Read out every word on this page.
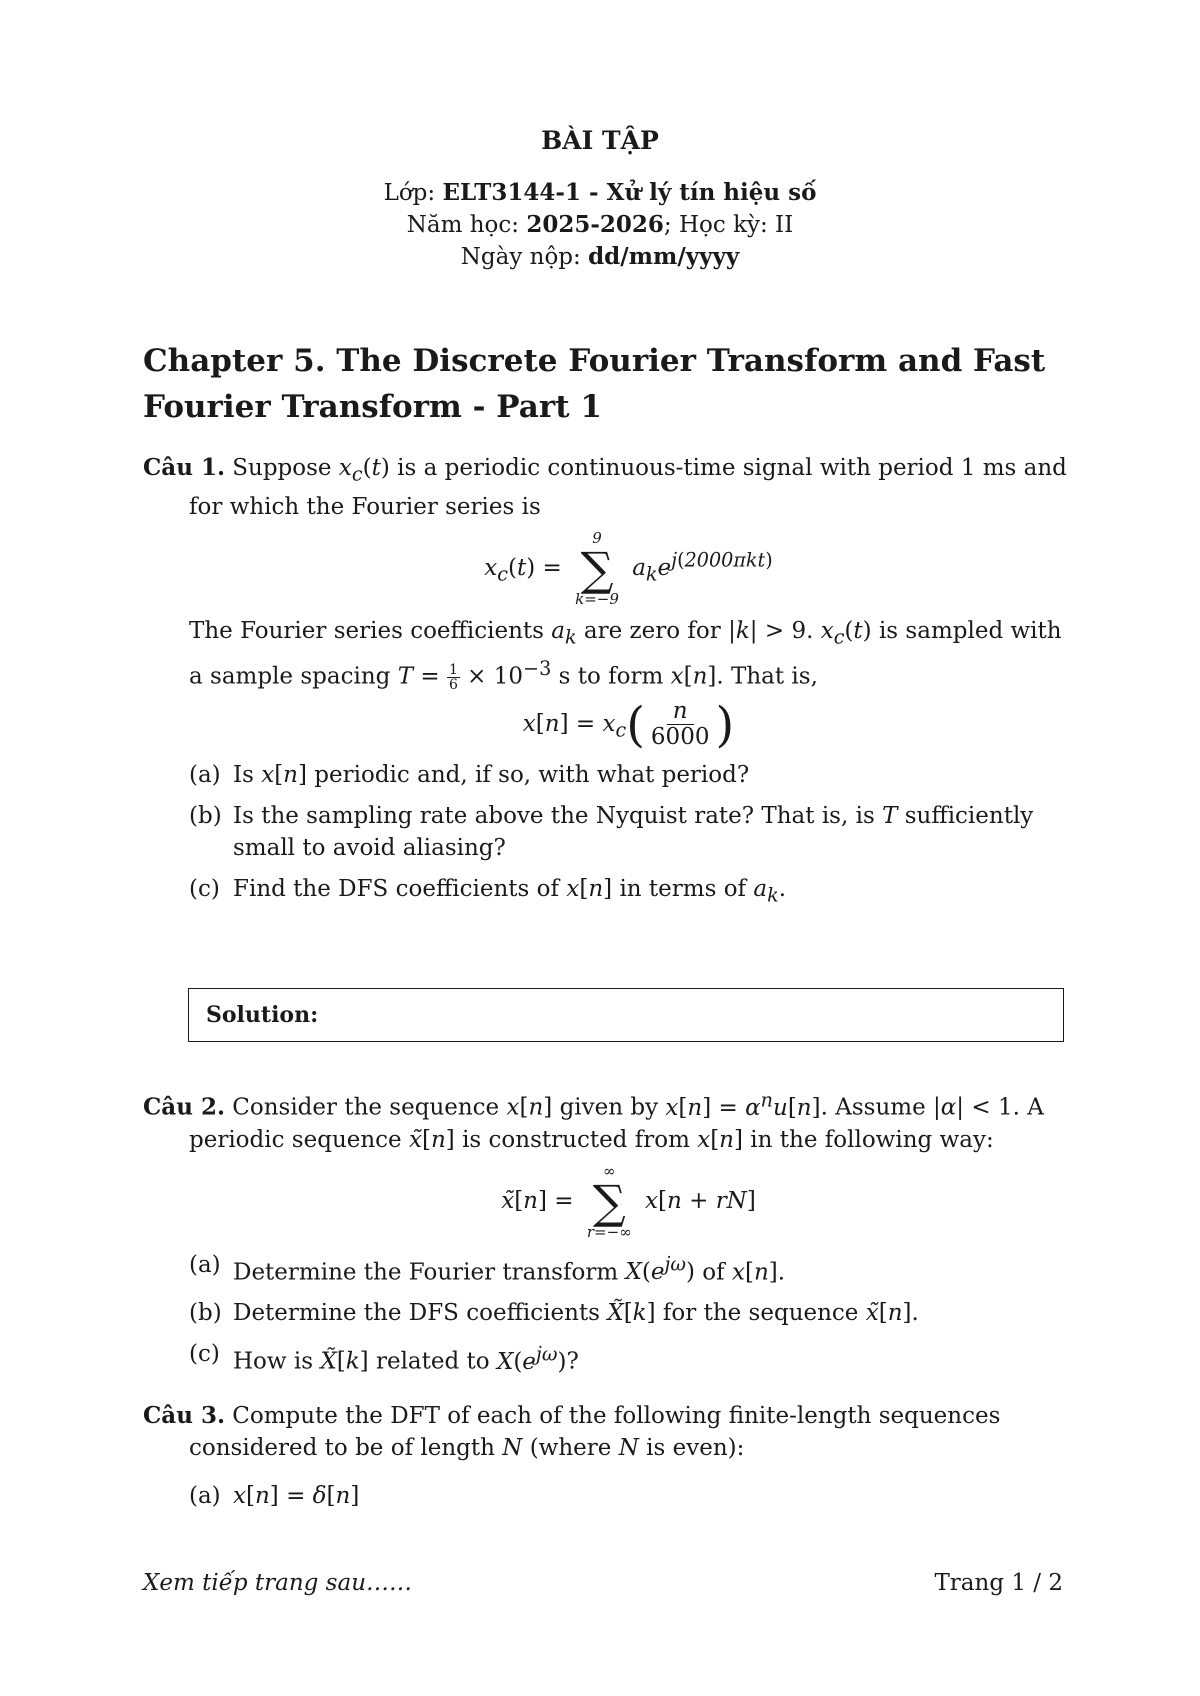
BÀI TẬP
Lớp: ELT3144-1 - Xử lý tín hiệu số
Năm học: 2025-2026; Học kỳ: II
Ngày nộp: dd/mm/yyyy
Chapter 5. The Discrete Fourier Transform and Fast Fourier Transform - Part 1
Câu 1. Suppose $x_c(t)$ is a periodic continuous-time signal with period 1 ms and for which the Fourier series is
$x_c(t)$ =
9
∑
k=−9
$a_ke^{j(2000\pi kt)}$
The Fourier series coefficients $a_k$ are zero for |k| > 9. $x_c(t)$ is sampled with a sample spacing $T = \frac{1}{6} \times 10^{-3}$ s to form x[n]. That is,
$x[n] = x_c( \frac{n}{6000}$ )
(a) Is x[n] periodic and, if so, with what period?
(b) Is the sampling rate above the Nyquist rate? That is, is T sufficiently small to avoid aliasing?
(c) Find the DFS coefficients of x[n] in terms of $a_k$.
Solution:
Câu 2. Consider the sequence x[n] given by $x[n] = \alpha^nu[n]$. Assume |α| < 1. A periodic sequence x̃[n] is constructed from x[n] in the following way:
x̃[n] =
∞
∑
r=−∞
x[n + rN]
(a) Determine the Fourier transform $X(e^{j\omega})$ of x[n].
(b) Determine the DFS coefficients X̃[k] for the sequence x̃[n].
(c) How is X̃[k] related to $X(e^{j\omega})$?
Câu 3. Compute the DFT of each of the following finite-length sequences considered to be of length N (where N is even):
(a) x[n] = δ[n]
Xem tiếp trang sau……	Trang 1 / 2
